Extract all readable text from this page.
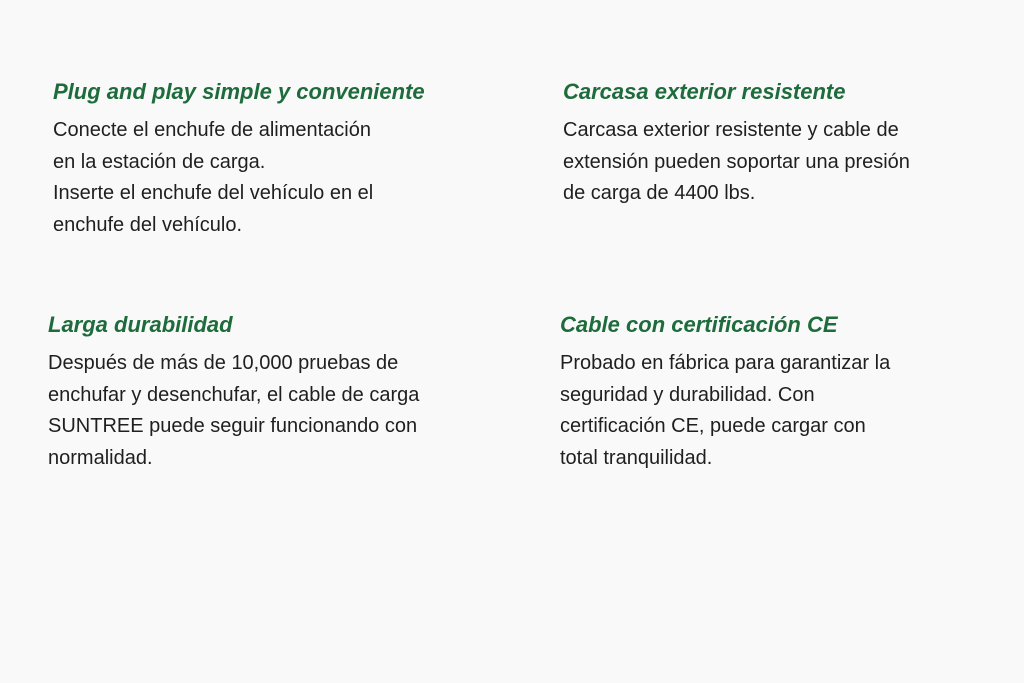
Plug and play simple y conveniente
Conecte el enchufe de alimentación
en la estación de carga.
Inserte el enchufe del vehículo en el
enchufe del vehículo.
Carcasa exterior resistente
Carcasa exterior resistente y cable de
extensión pueden soportar una presión
de carga de 4400 lbs.
Larga durabilidad
Después de más de 10,000 pruebas de
enchufar y desenchufar, el cable de carga
SUNTREE puede seguir funcionando con
normalidad.
Cable con certificación CE
Probado en fábrica para garantizar la
seguridad y durabilidad. Con
certificación CE, puede cargar con
total tranquilidad.
